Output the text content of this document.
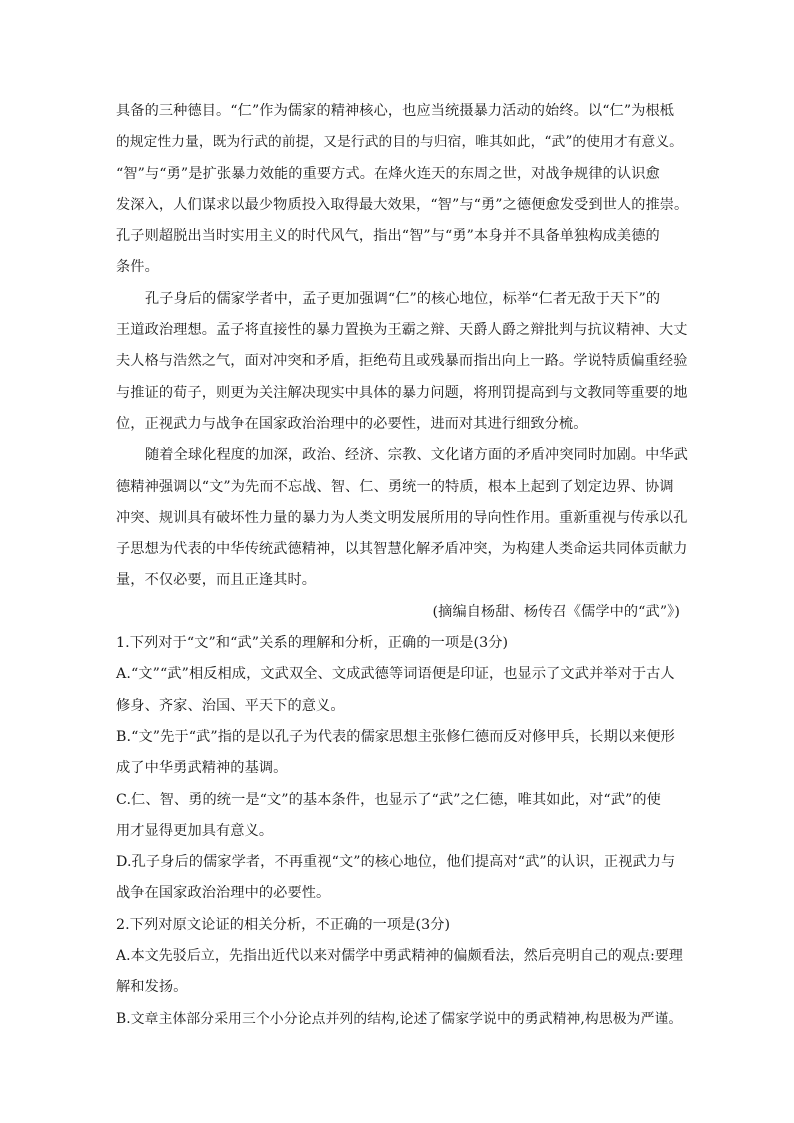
具备的三种德目。“仁”作为儒家的精神核心，也应当统摄暴力活动的始终。以“仁”为根柢
的规定性力量，既为行武的前提，又是行武的目的与归宿，唯其如此，“武”的使用才有意义。
“智”与“勇”是扩张暴力效能的重要方式。在烽火连天的东周之世，对战争规律的认识愈
发深入，人们谋求以最少物质投入取得最大效果，“智”与“勇”之德便愈发受到世人的推崇。
孔子则超脱出当时实用主义的时代风气，指出“智”与“勇”本身并不具备单独构成美德的
条件。
孔子身后的儒家学者中，孟子更加强调“仁”的核心地位，标举“仁者无敌于天下”的
王道政治理想。孟子将直接性的暴力置换为王霸之辩、天爵人爵之辩批判与抗议精神、大丈
夫人格与浩然之气，面对冲突和矛盾，拒绝苟且或残暴而指出向上一路。学说特质偏重经验
与推证的荀子，则更为关注解决现实中具体的暴力问题，将刑罚提高到与文教同等重要的地
位，正视武力与战争在国家政治治理中的必要性，进而对其进行细致分梳。
随着全球化程度的加深，政治、经济、宗教、文化诸方面的矛盾冲突同时加剧。中华武
德精神强调以“文”为先而不忘战、智、仁、勇统一的特质，根本上起到了划定边界、协调
冲突、规训具有破坏性力量的暴力为人类文明发展所用的导向性作用。重新重视与传承以孔
子思想为代表的中华传统武德精神，以其智慧化解矛盾冲突，为构建人类命运共同体贡献力
量，不仅必要，而且正逢其时。
(摘编自杨甜、杨传召《儒学中的“武”》)
1.下列对于“文”和“武”关系的理解和分析，正确的一项是(3分)
A.“文”“武”相反相成，文武双全、文成武德等词语便是印证，也显示了文武并举对于古人
修身、齐家、治国、平天下的意义。
B.“文”先于“武”指的是以孔子为代表的儒家思想主张修仁德而反对修甲兵，长期以来便形
成了中华勇武精神的基调。
C.仁、智、勇的统一是“文”的基本条件，也显示了“武”之仁德，唯其如此，对“武”的使
用才显得更加具有意义。
D.孔子身后的儒家学者，不再重视“文”的核心地位，他们提高对“武”的认识，正视武力与
战争在国家政治治理中的必要性。
2.下列对原文论证的相关分析，不正确的一项是(3分)
A.本文先驳后立，先指出近代以来对儒学中勇武精神的偏颇看法，然后亮明自己的观点:要理
解和发扬。
B.文章主体部分采用三个小分论点并列的结构,论述了儒家学说中的勇武精神,构思极为严谨。
